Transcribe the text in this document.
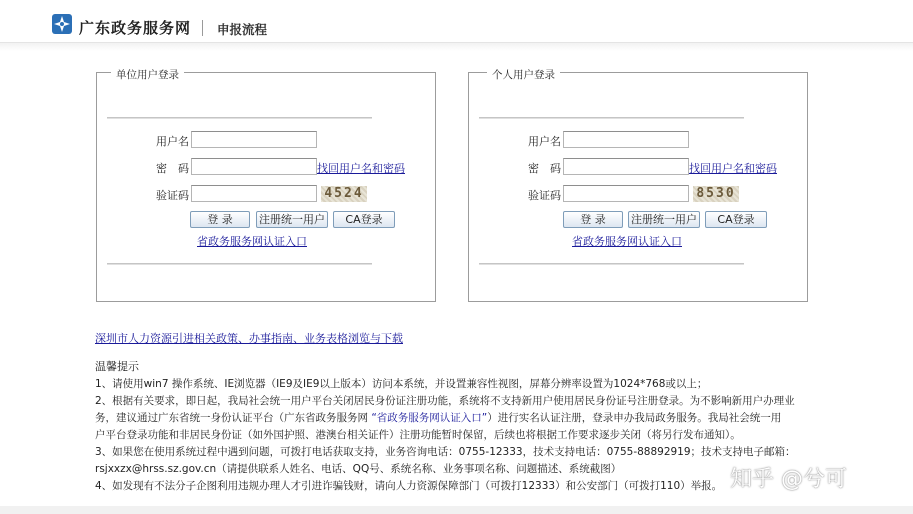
广东政务服务网 申报流程
单位用户登录
用户名
密　码	找回用户名和密码
验证码	4524
登 录	注册统一用户	CA登录
省政务服务网认证入口
个人用户登录
用户名
密　码	找回用户名和密码
验证码	8530
登 录	注册统一用户	CA登录
省政务服务网认证入口
深圳市人力资源引进相关政策、办事指南、业务表格浏览与下载
温馨提示
1、请使用win7 操作系统、IE浏览器（IE9及IE9以上版本）访问本系统，并设置兼容性视图，屏幕分辨率设置为1024*768或以上；
2、根据有关要求，即日起，我局社会统一用户平台关闭居民身份证注册功能，系统将不支持新用户使用居民身份证号注册登录。为不影响新用户办理业
务，建议通过广东省统一身份认证平台（广东省政务服务网 “省政务服务网认证入口”）进行实名认证注册，登录申办我局政务服务。我局社会统一用
户平台登录功能和非居民身份证（如外国护照、港澳台相关证件）注册功能暂时保留，后续也将根据工作要求逐步关闭（将另行发布通知）。
3、如果您在使用系统过程中遇到问题，可拨打电话获取支持，业务咨询电话：0755-12333，技术支持电话：0755-88892919；技术支持电子邮箱：
rsjxxzx@hrss.sz.gov.cn（请提供联系人姓名、电话、QQ号、系统名称、业务事项名称、问题描述、系统截图）
4、如发现有不法分子企图利用违规办理人才引进诈骗钱财，请向人力资源保障部门（可拨打12333）和公安部门（可拨打110）举报。 知乎 @兮可
